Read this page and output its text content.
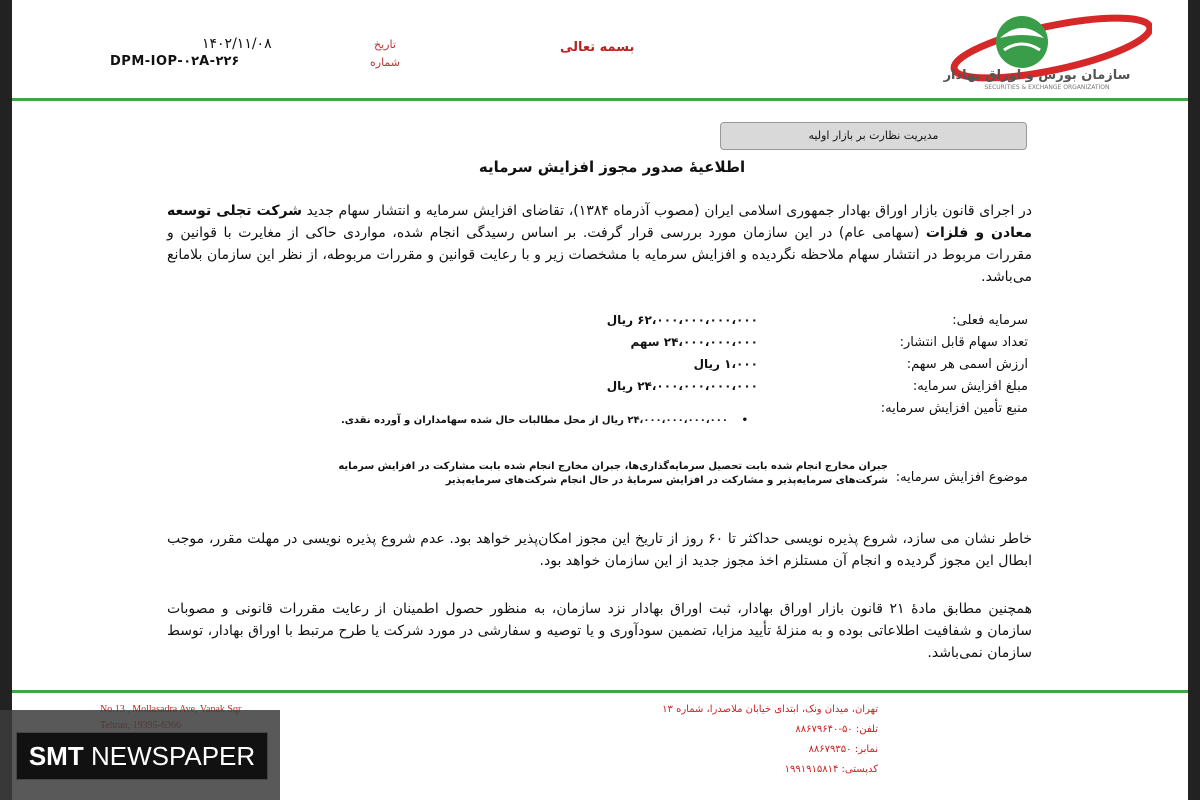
۱۴۰۲/۱۱/۰۸
DPM-IOP-۰۲A-۲۲۶
تاریخ
شماره
بسمه تعالی
سازمان بورس و اوراق بهادار
SECURITIES & EXCHANGE ORGANIZATION
مدیریت نظارت بر بازار اولیه
اطلاعیهٔ صدور مجوز افزایش سرمایه
در اجرای قانون بازار اوراق بهادار جمهوری اسلامی ایران (مصوب آذرماه ۱۳۸۴)، تقاضای افزایش سرمایه و انتشار سهام جدید شرکت تجلی توسعه معادن و فلزات (سهامی عام) در این سازمان مورد بررسی قرار گرفت. بر اساس رسیدگی انجام شده، مواردی حاکی از مغایرت با قوانین و مقررات مربوط در انتشار سهام ملاحظه نگردیده و افزایش سرمایه با مشخصات زیر و با رعایت قوانین و مقررات مربوطه، از نظر این سازمان بلامانع می‌باشد.
سرمایه فعلی:
۶۲،۰۰۰،۰۰۰،۰۰۰،۰۰۰ ریال
تعداد سهام قابل انتشار:
۲۴،۰۰۰،۰۰۰،۰۰۰ سهم
ارزش اسمی هر سهم:
۱،۰۰۰ ریال
مبلغ افزایش سرمایه:
۲۴،۰۰۰،۰۰۰،۰۰۰،۰۰۰ ریال
منبع تأمین افزایش سرمایه:
•
۲۴،۰۰۰،۰۰۰،۰۰۰،۰۰۰ ریال از محل مطالبات حال شده سهامداران و آورده نقدی.
موضوع افزایش سرمایه:
جبران مخارج انجام شده بابت تحصیل سرمایه‌گذاری‌ها، جبران مخارج انجام شده بابت مشارکت در افزایش سرمایه شرکت‌های سرمایه‌پذیر و مشارکت در افزایش سرمایهٔ در حال انجام شرکت‌های سرمایه‌پذیر
خاطر نشان می سازد، شروع پذیره نویسی حداکثر تا ۶۰ روز از تاریخ این مجوز امکان‌پذیر خواهد بود. عدم شروع پذیره نویسی در مهلت مقرر، موجب ابطال این مجوز گردیده و انجام آن مستلزم اخذ مجوز جدید از این سازمان خواهد بود.
همچنین مطابق مادهٔ ۲۱ قانون بازار اوراق بهادار، ثبت اوراق بهادار نزد سازمان، به منظور حصول اطمینان از رعایت مقررات قانونی و مصوبات سازمان و شفافیت اطلاعاتی بوده و به منزلهٔ تأیید مزایا، تضمین سودآوری و یا توصیه و سفارشی در مورد شرکت یا طرح مرتبط با اوراق بهادار، توسط سازمان نمی‌باشد.
تهران، میدان ونک، ابتدای خیابان ملاصدرا، شماره ۱۳
تلفن: ۵۰-۸۸۶۷۹۶۴۰
نمابر: ۸۸۶۷۹۳۵۰
کدپستی: ۱۹۹۱۹۱۵۸۱۴
SMT NEWSPAPER
